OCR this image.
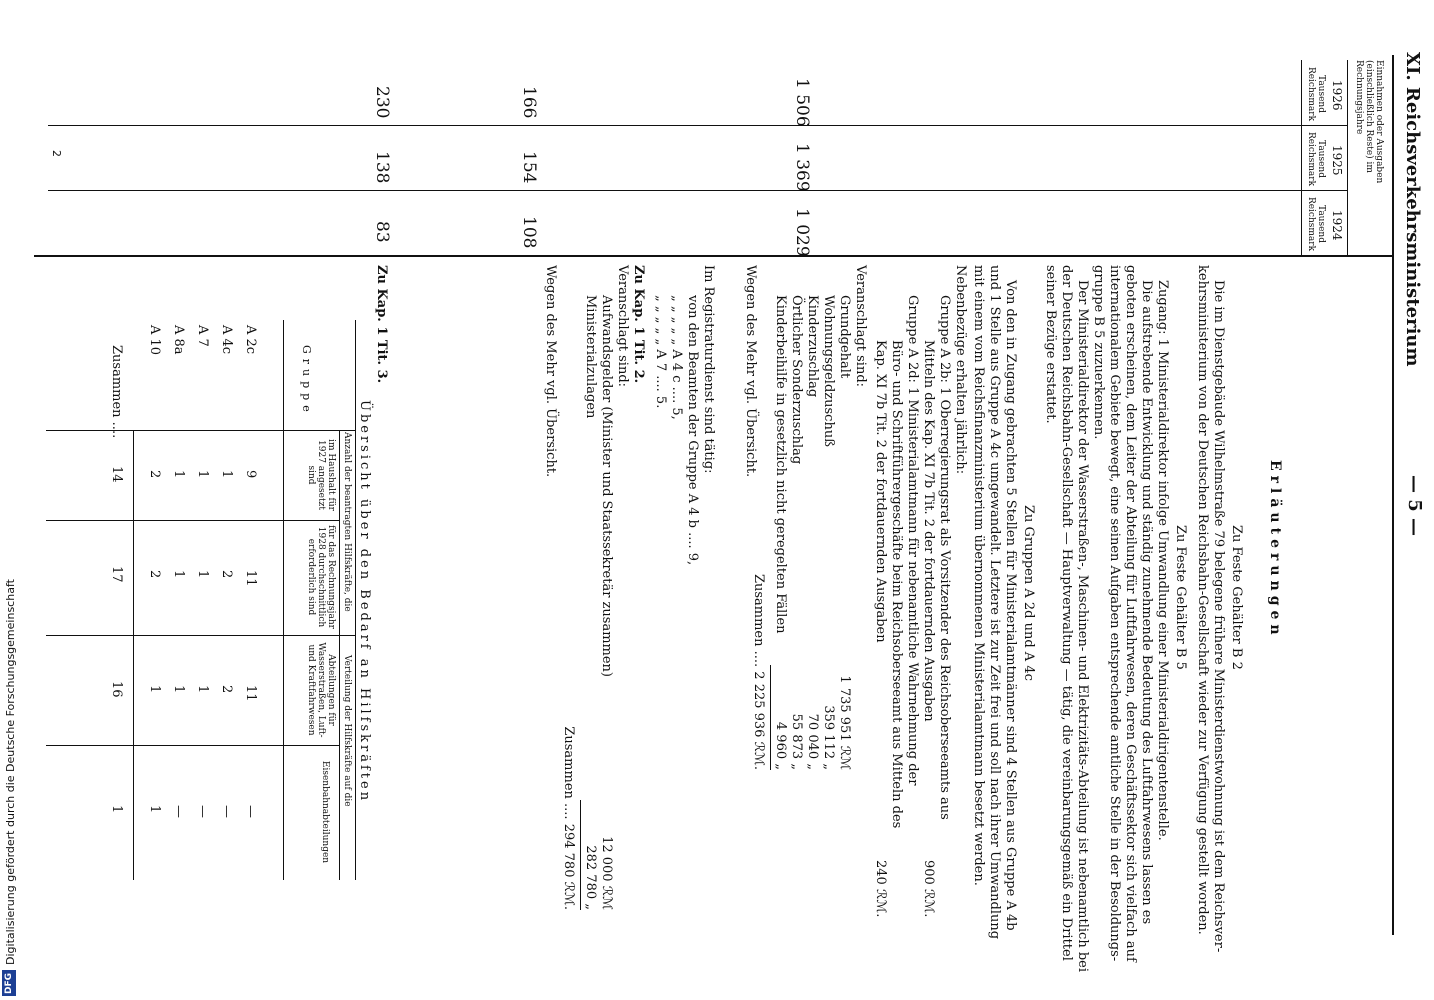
XI. Reichsverkehrsministerium
— 5 —
Einnahmen oder Ausgaben (einschließlich Reste) im Rechnungsjahre
1926
1925
1924
Tausend Reichsmark
Tausend Reichsmark
Tausend Reichsmark
1 506
1 369
1 029
166
154
108
230
138
83
Erläuterungen
Zu Feste Gehälter B 2
Die im Dienstgebäude Wilhelmstraße 79 belegene frühere Ministerdienstwohnung ist dem Reichsver-
kehrsministerium von der Deutschen Reichsbahn-Gesellschaft wieder zur Verfügung gestellt worden.
Zu Feste Gehälter B 5
Zugang: 1 Ministerialdirektor infolge Umwandlung einer Ministerialdirigentenstelle.
Die aufstrebende Entwicklung und ständig zunehmende Bedeutung des Luftfahrwesens lassen es
geboten erscheinen, dem Leiter der Abteilung für Luftfahrwesen, deren Geschäftssektor sich vielfach auf
internationalem Gebiete bewegt, eine seinen Aufgaben entsprechende amtliche Stelle in der Besoldungs-
gruppe B 5 zuzuerkennen.
Der Ministerialdirektor der Wasserstraßen-, Maschinen- und Elektrizitäts-Abteilung ist nebenamtlich bei
der Deutschen Reichsbahn-Gesellschaft — Hauptverwaltung — tätig, die vereinbarungsgemäß ein Drittel
seiner Bezüge erstattet.
Zu Gruppen A 2d und A 4c
Von den in Zugang gebrachten 5 Stellen für Ministerialamtmänner sind 4 Stellen aus Gruppe A 4b
und 1 Stelle aus Gruppe A 4c umgewandelt. Letztere ist zur Zeit frei und soll nach ihrer Umwandlung
mit einem vom Reichsfinanzministerium übernommenen Ministerialamtmann besetzt werden.
Nebenbezüge erhalten jährlich:
Gruppe A 2b: 1 Oberregierungsrat als Vorsitzender des Reichsoberseeamts aus
Mitteln des Kap. XI 7b Tit. 2 der fortdauernden Ausgaben
900 ℛℳ.
Gruppe A 2d: 1 Ministerialamtmann für nebenamtliche Wahrnehmung der
Büro- und Schriftführergeschäfte beim Reichsoberseeamt aus Mitteln des
Kap. XI 7b Tit. 2 der fortdauernden Ausgaben
240 ℛℳ.
Veranschlagt sind:
Grundgehalt
1 735 951 ℛℳ
Wohnungsgeldzuschuß
359 112 „
Kinderzuschlag
70 040 „
Örtlicher Sonderzuschlag
55 873 „
Kinderbeihilfe in gesetzlich nicht geregelten Fällen
4 960 „
Zusammen .... 2 225 936 ℛℳ.
Wegen des Mehr vgl. Übersicht.
Im Registraturdienst sind tätig:
von den Beamten der Gruppe A 4 b .... 9,
„ „ „ „ „ A 4 c .... 5,
„ „ „ „ „ A 7 .... 5.
Zu Kap. 1 Tit. 2.
Veranschlagt sind:
Aufwandsgelder (Minister und Staatssekretär zusammen)
12 000 ℛℳ
Ministerialzulagen
282 780 „
Zusammen .... 294 780 ℛℳ.
Wegen des Mehr vgl. Übersicht.
Zu Kap. 1 Tit. 3.
Übersicht über den Bedarf an Hilfskräften
Anzahl der beantragten Hilfskräfte, die
Verteilung der Hilfskräfte auf die
Gruppe
im Haushalt für 1927 angesetzt sind
für das Rechnungsjahr 1928 durchschnittlich erforderlich sind
Abteilungen für Wasserstraßen, Luft- und Kraftfahrwesen
Eisenbahnabteilungen
A 2c
9
11
11
—
A 4c
1
2
2
—
A 7
1
1
1
—
A 8a
1
1
1
—
A 10
2
2
1
1
Zusammen ....
14
17
16
1
2
Digitalisierung gefördert durch die Deutsche Forschungsgemeinschaft
DFG
